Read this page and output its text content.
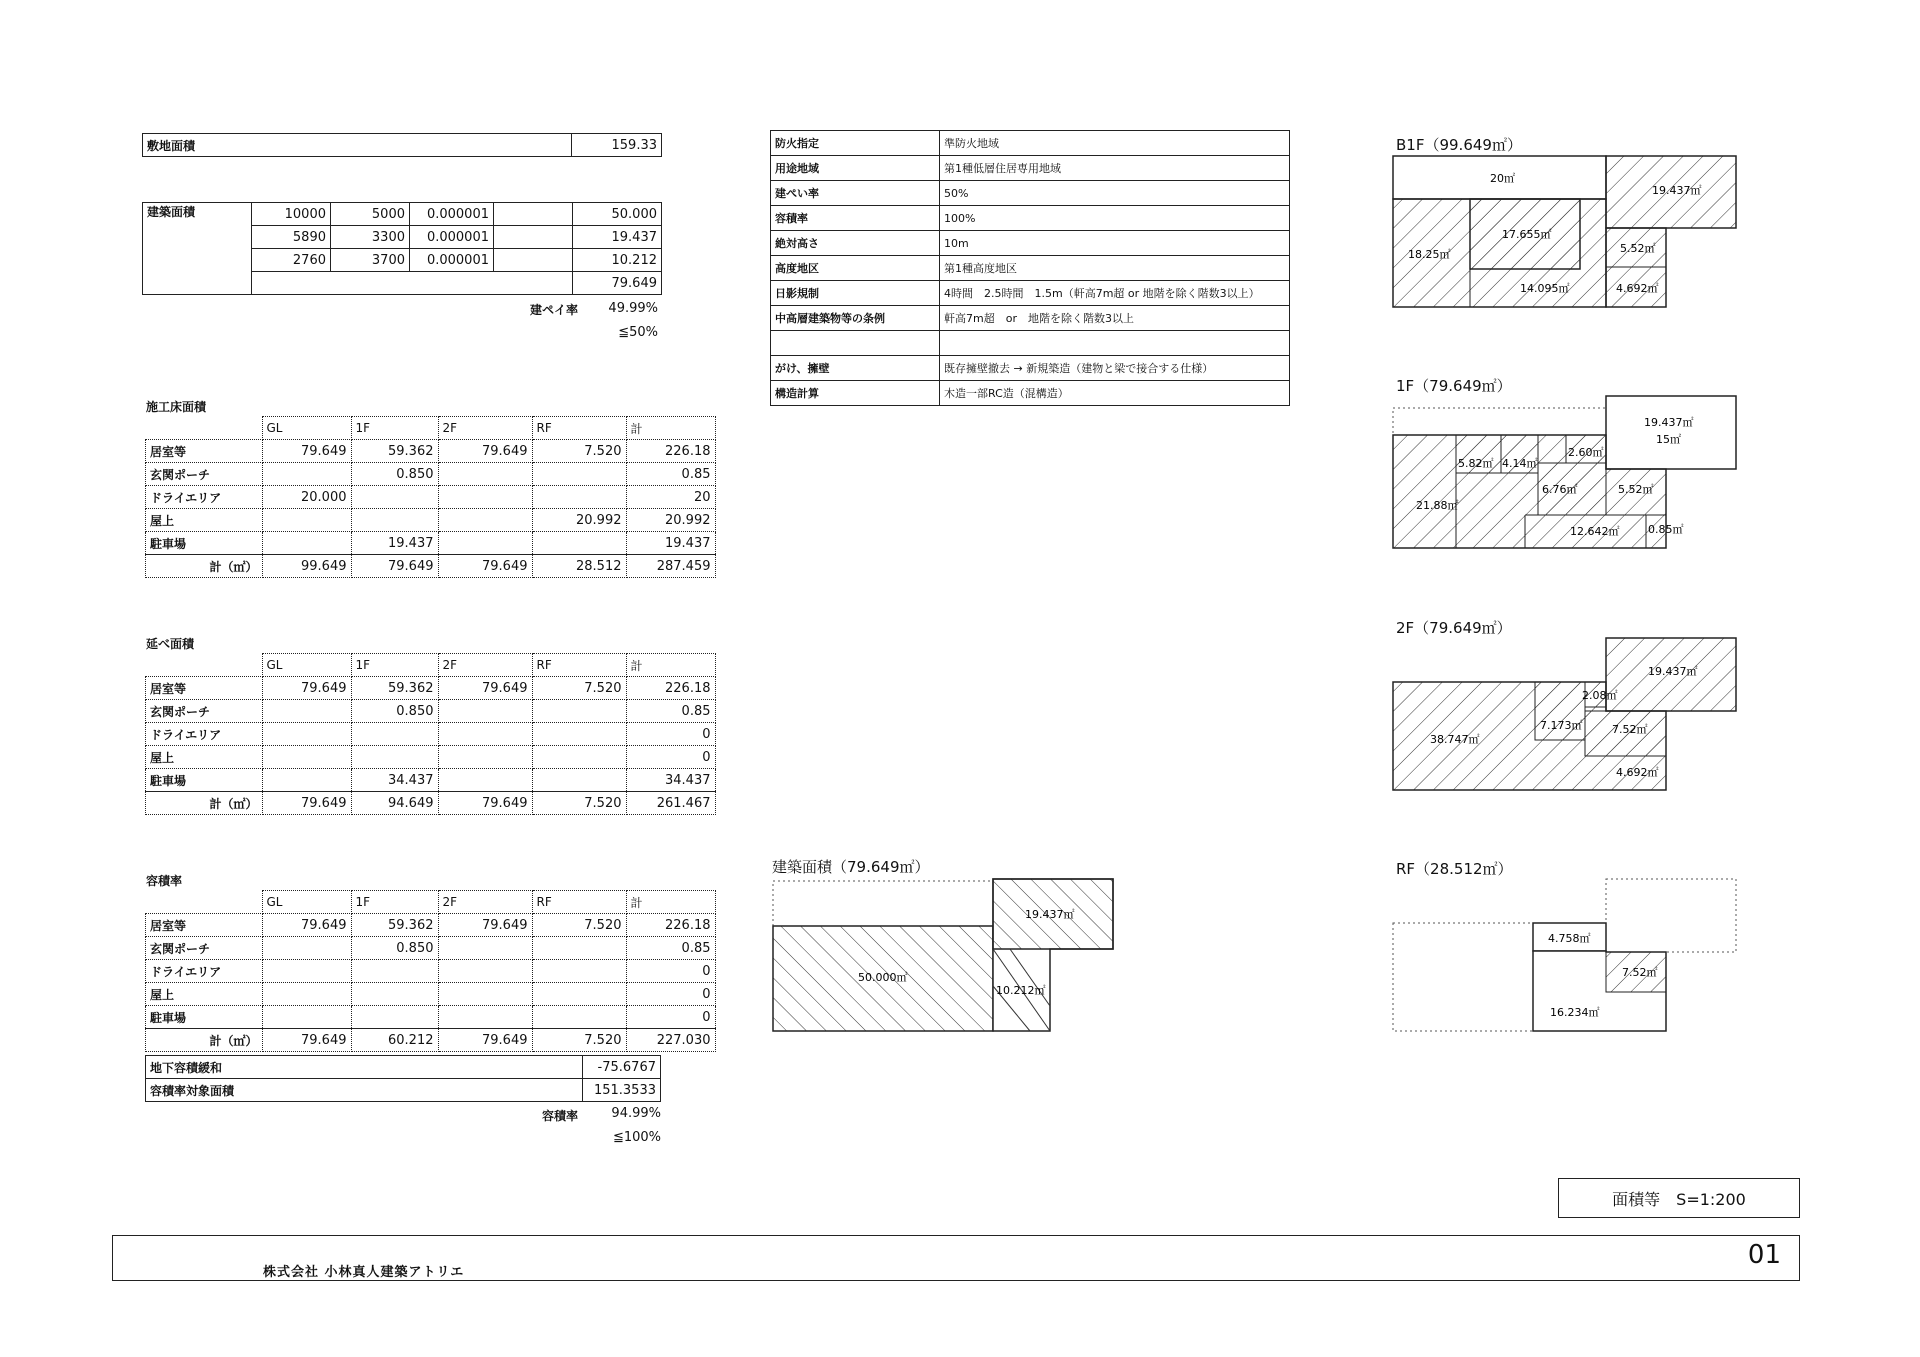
敷地面積	159.33
建築面積	10000	5000	0.000001		50.000
	5890	3300	0.000001		19.437
	2760	3700	0.000001		10.212
					79.649
建ペイ率	49.99%
≦50%
施工床面積
	GL	1F	2F	RF	計
居室等	79.649	59.362	79.649	7.520	226.18
玄関ポーチ		0.850			0.85
ドライエリア	20.000				20
屋上				20.992	20.992
駐車場		19.437			19.437
計（㎡）	99.649	79.649	79.649	28.512	287.459
延べ面積
	GL	1F	2F	RF	計
居室等	79.649	59.362	79.649	7.520	226.18
玄関ポーチ		0.850			0.85
ドライエリア					0
屋上					0
駐車場		34.437			34.437
計（㎡）	79.649	94.649	79.649	7.520	261.467
容積率
	GL	1F	2F	RF	計
居室等	79.649	59.362	79.649	7.520	226.18
玄関ポーチ		0.850			0.85
ドライエリア					0
屋上					0
駐車場					0
計（㎡）	79.649	60.212	79.649	7.520	227.030
地下容積緩和	-75.6767
容積率対象面積	151.3533
容積率	94.99%
≦100%
防火指定	準防火地域
用途地域	第1種低層住居専用地域
建ぺい率	50%
容積率	100%
絶対高さ	10m
高度地区	第1種高度地区
日影規制	4時間　2.5時間　1.5m（軒高7m超 or 地階を除く階数3以上）
中高層建築物等の条例	軒高7m超　or　地階を除く階数3以上

がけ、擁壁	既存擁壁撤去 → 新規築造（建物と梁で接合する仕様）
構造計算	木造一部RC造（混構造）
建築面積（79.649㎡）
19.437㎡
50.000㎡
10.212㎡
B1F（99.649㎡）
20㎡
19.437㎡
17.655㎡
18.25㎡	5.52㎡
14.095㎡	4.692㎡
1F（79.649㎡）
19.437㎡
15㎡
5.82㎡ 4.14㎡
2.60㎡
6.76㎡
21.88㎡
5.52㎡
12.642㎡	0.85㎡
2F（79.649㎡）
19.437㎡
2.08㎡
7.173㎡
38.747㎡
7.52㎡
4.692㎡
RF（28.512㎡）
4.758㎡
7.52㎡
16.234㎡
面積等　S=1:200
株式会社 小林真人建築アトリエ
01
